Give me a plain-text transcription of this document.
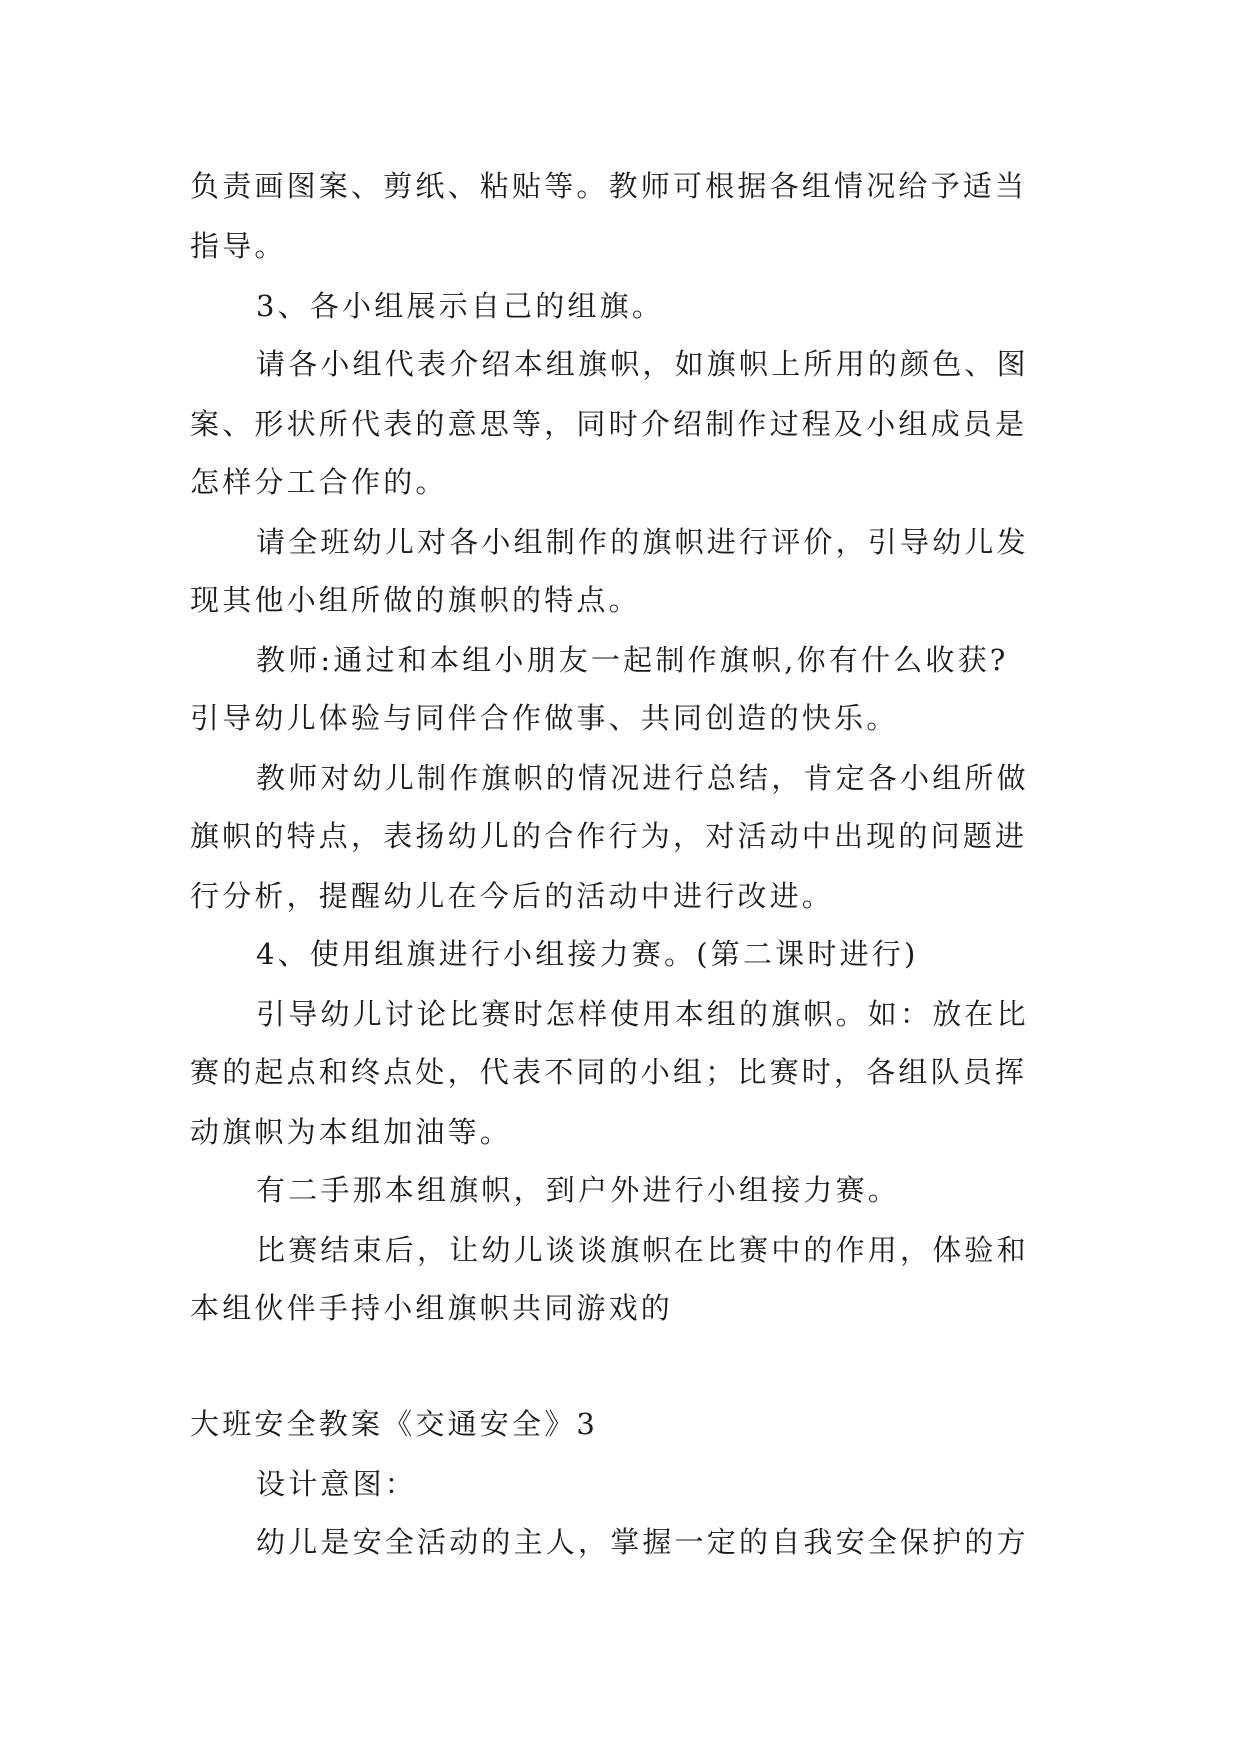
负责画图案、剪纸、粘贴等。教师可根据各组情况给予适当
指导。
3、各小组展示自己的组旗。
请各小组代表介绍本组旗帜，如旗帜上所用的颜色、图
案、形状所代表的意思等，同时介绍制作过程及小组成员是
怎样分工合作的。
请全班幼儿对各小组制作的旗帜进行评价，引导幼儿发
现其他小组所做的旗帜的特点。
教师:通过和本组小朋友一起制作旗帜,你有什么收获?
引导幼儿体验与同伴合作做事、共同创造的快乐。
教师对幼儿制作旗帜的情况进行总结，肯定各小组所做
旗帜的特点，表扬幼儿的合作行为，对活动中出现的问题进
行分析，提醒幼儿在今后的活动中进行改进。
4、使用组旗进行小组接力赛。(第二课时进行)
引导幼儿讨论比赛时怎样使用本组的旗帜。如：放在比
赛的起点和终点处，代表不同的小组；比赛时，各组队员挥
动旗帜为本组加油等。
有二手那本组旗帜，到户外进行小组接力赛。
比赛结束后，让幼儿谈谈旗帜在比赛中的作用，体验和
本组伙伴手持小组旗帜共同游戏的
大班安全教案《交通安全》3
设计意图：
幼儿是安全活动的主人，掌握一定的自我安全保护的方
